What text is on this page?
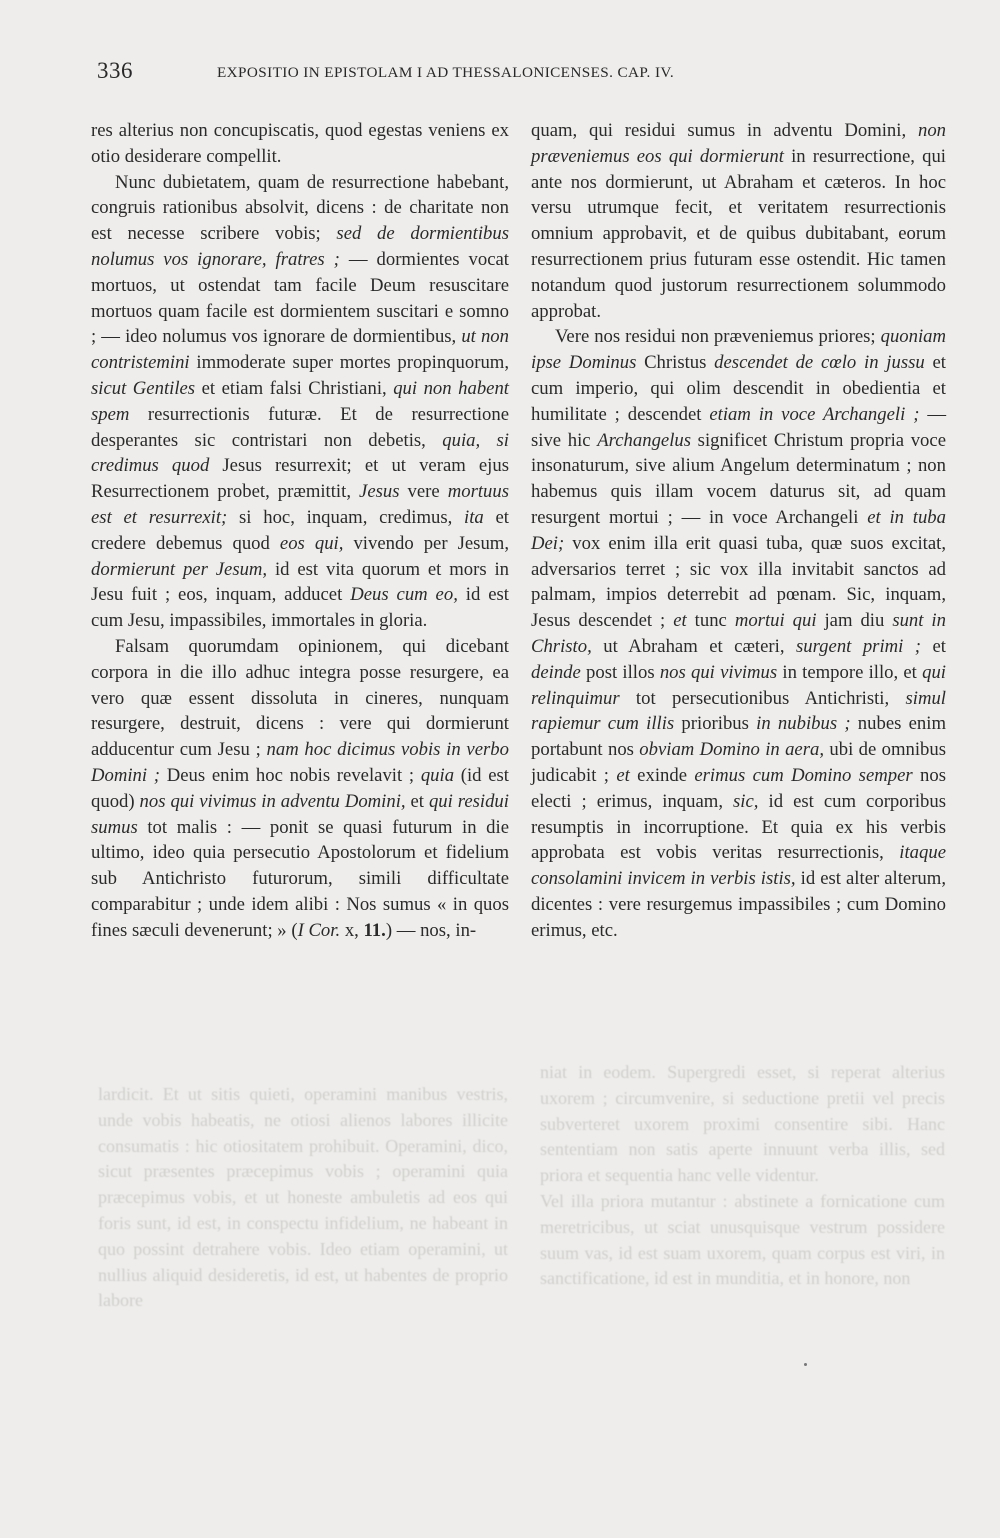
336	EXPOSITIO IN EPISTOLAM I AD THESSALONICENSES. CAP. IV.

lardicit. Et ut sitis quieti, operamini manibus vestris, unde vobis habeatis, ne otiosi alienos labores illicite consumatis : hic otiositatem prohibuit. Operamini, dico, sicut præsentes præcepimus vobis ; operamini quia præcepimus vobis, et ut honeste ambuletis ad eos qui foris sunt, id est, in conspectu infidelium, ne habeant in quo possint detrahere vobis. Ideo etiam operamini, ut nullius aliquid desideretis, id est, ut habentes de proprio labore

niat in eodem. Supergredi esset, si reperat alterius uxorem ; circumvenire, si seductione pretii vel precis subverteret uxorem proximi consentire sibi. Hanc sententiam non satis aperte innuunt verba illis, sed priora et sequentia hanc velle videntur.

Vel illa priora mutantur : abstinete a fornicatione cum meretricibus, ut sciat unusquisque vestrum possidere suum vas, id est suam uxorem, quam corpus est viri, in sanctificatione, id est in munditia, et in honore, non

res alterius non concupiscatis, quod egestas veniens ex otio desiderare compellit.

Nunc dubietatem, quam de resurrectione habebant, congruis rationibus absolvit, dicens : de charitate non est necesse scribere vobis; sed de dormientibus nolumus vos ignorare, fratres ; — dormientes vocat mortuos, ut ostendat tam facile Deum resuscitare mortuos quam facile est dormientem suscitari e somno ; — ideo nolumus vos ignorare de dormientibus, ut non contristemini immoderate super mortes propinquorum, sicut Gentiles et etiam falsi Christiani, qui non habent spem resurrectionis futuræ. Et de resurrectione desperantes sic contristari non debetis, quia, si credimus quod Jesus resurrexit; et ut veram ejus Resurrectionem probet, præmittit, Jesus vere mortuus est et resurrexit; si hoc, inquam, credimus, ita et credere debemus quod eos qui, vivendo per Jesum, dormierunt per Jesum, id est vita quorum et mors in Jesu fuit ; eos, inquam, adducet Deus cum eo, id est cum Jesu, impassibiles, immortales in gloria.

Falsam quorumdam opinionem, qui dicebant corpora in die illo adhuc integra posse resurgere, ea vero quæ essent dissoluta in cineres, nunquam resurgere, destruit, dicens : vere qui dormierunt adducentur cum Jesu ; nam hoc dicimus vobis in verbo Domini ; Deus enim hoc nobis revelavit ; quia (id est quod) nos qui vivimus in adventu Domini, et qui residui sumus tot malis : — ponit se quasi futurum in die ultimo, ideo quia persecutio Apostolorum et fidelium sub Antichristo futurorum, simili difficultate comparabitur ; unde idem alibi : Nos sumus « in quos fines sæculi devenerunt; » (I Cor. x, 11.) — nos, in-

quam, qui residui sumus in adventu Domini, non præveniemus eos qui dormierunt in resurrectione, qui ante nos dormierunt, ut Abraham et cæteros. In hoc versu utrumque fecit, et veritatem resurrectionis omnium approbavit, et de quibus dubitabant, eorum resurrectionem prius futuram esse ostendit. Hic tamen notandum quod justorum resurrectionem solummodo approbat.

Vere nos residui non præveniemus priores; quoniam ipse Dominus Christus descendet de cœlo in jussu et cum imperio, qui olim descendit in obedientia et humilitate ; descendet etiam in voce Archangeli ; — sive hic Archangelus significet Christum propria voce insonaturum, sive alium Angelum determinatum ; non habemus quis illam vocem daturus sit, ad quam resurgent mortui ; — in voce Archangeli et in tuba Dei; vox enim illa erit quasi tuba, quæ suos excitat, adversarios terret ; sic vox illa invitabit sanctos ad palmam, impios deterrebit ad pœnam. Sic, inquam, Jesus descendet ; et tunc mortui qui jam diu sunt in Christo, ut Abraham et cæteri, surgent primi ; et deinde post illos nos qui vivimus in tempore illo, et qui relinquimur tot persecutionibus Antichristi, simul rapiemur cum illis prioribus in nubibus ; nubes enim portabunt nos obviam Domino in aera, ubi de omnibus judicabit ; et exinde erimus cum Domino semper nos electi ; erimus, inquam, sic, id est cum corporibus resumptis in incorruptione. Et quia ex his verbis approbata est vobis veritas resurrectionis, itaque consolamini invicem in verbis istis, id est alter alterum, dicentes : vere resurgemus impassibiles ; cum Domino erimus, etc.
